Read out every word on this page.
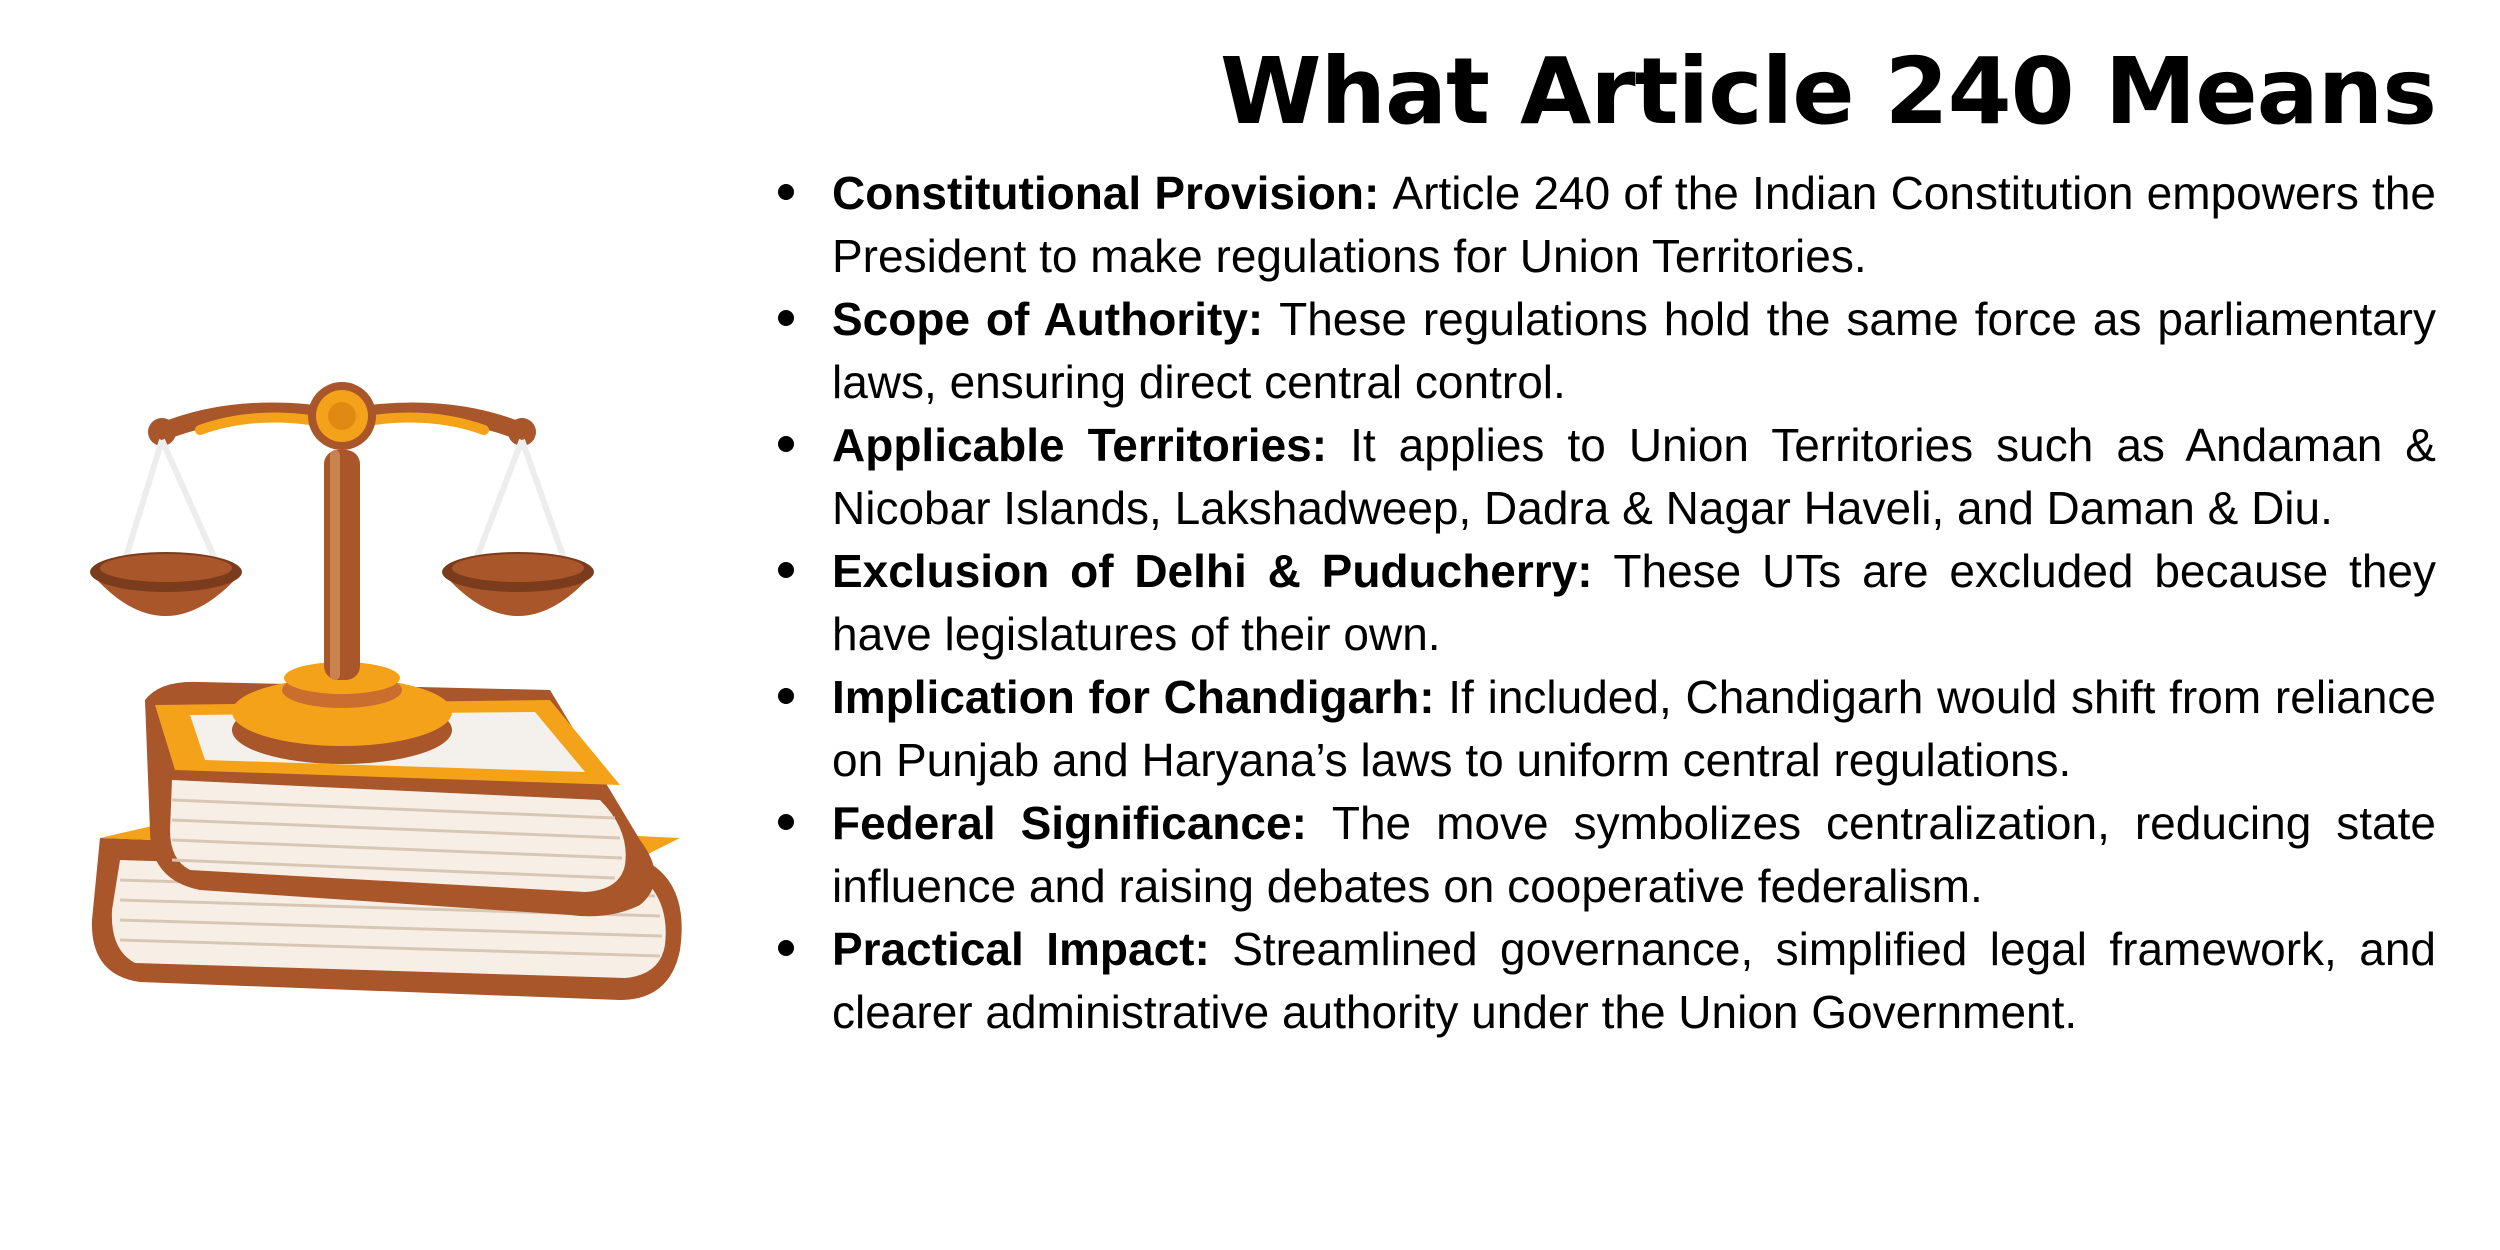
What Article 240 Means
Constitutional Provision: Article 240 of the Indian Constitution empowers the President to make regulations for Union Territories.
Scope of Authority: These regulations hold the same force as parliamentary laws, ensuring direct central control.
Applicable Territories: It applies to Union Territories such as Andaman & Nicobar Islands, Lakshadweep, Dadra & Nagar Haveli, and Daman & Diu.
Exclusion of Delhi & Puducherry: These UTs are excluded because they have legislatures of their own.
Implication for Chandigarh: If included, Chandigarh would shift from reliance on Punjab and Haryana’s laws to uniform central regulations.
Federal Significance: The move symbolizes centralization, reducing state influence and raising debates on cooperative federalism.
Practical Impact: Streamlined governance, simplified legal framework, and clearer administrative authority under the Union Government.
